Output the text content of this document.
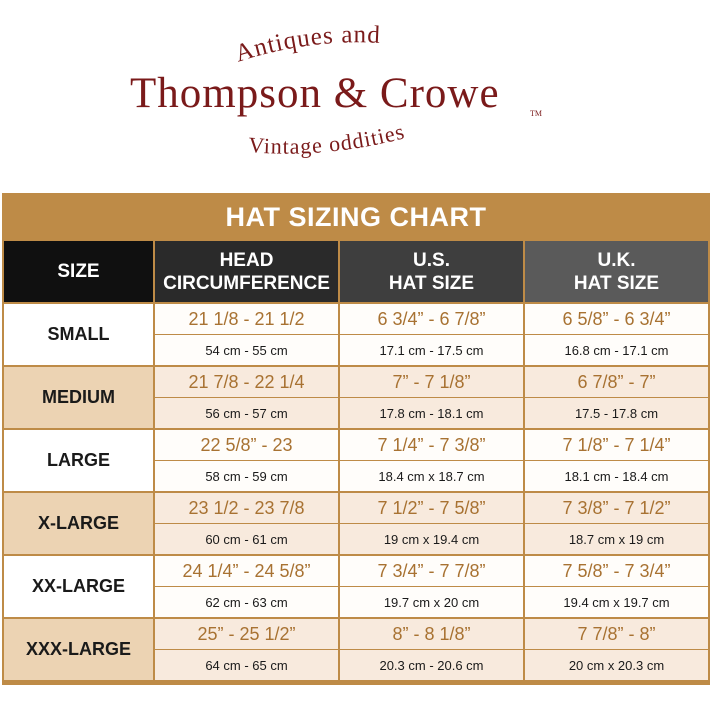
Antiques and
Thompson & Crowe	TM
Vintage oddities
HAT SIZING CHART
SIZE
HEAD
CIRCUMFERENCE
U.S.
HAT SIZE
U.K.
HAT SIZE
SMALL
21 1/8 - 21 1/2
54 cm - 55 cm
6 3/4” - 6 7/8”
17.1 cm - 17.5 cm
6 5/8” - 6 3/4”
16.8 cm - 17.1 cm
MEDIUM
21 7/8 - 22 1/4
56 cm - 57 cm
7” - 7 1/8”
17.8 cm - 18.1 cm
6 7/8” - 7”
17.5 - 17.8 cm
LARGE
22 5/8” - 23
58 cm - 59 cm
7 1/4” - 7 3/8”
18.4 cm x 18.7 cm
7 1/8” - 7 1/4”
18.1 cm - 18.4 cm
X-LARGE
23 1/2 - 23 7/8
60 cm - 61 cm
7 1/2” - 7 5/8”
19 cm x 19.4 cm
7 3/8” - 7 1/2”
18.7 cm x 19 cm
XX-LARGE
24 1/4” - 24 5/8”
62 cm - 63 cm
7 3/4” - 7 7/8”
19.7 cm x 20 cm
7 5/8” - 7 3/4”
19.4 cm x 19.7 cm
XXX-LARGE
25” - 25 1/2”
64 cm - 65 cm
8” - 8 1/8”
20.3 cm - 20.6 cm
7 7/8” - 8”
20 cm x 20.3 cm
